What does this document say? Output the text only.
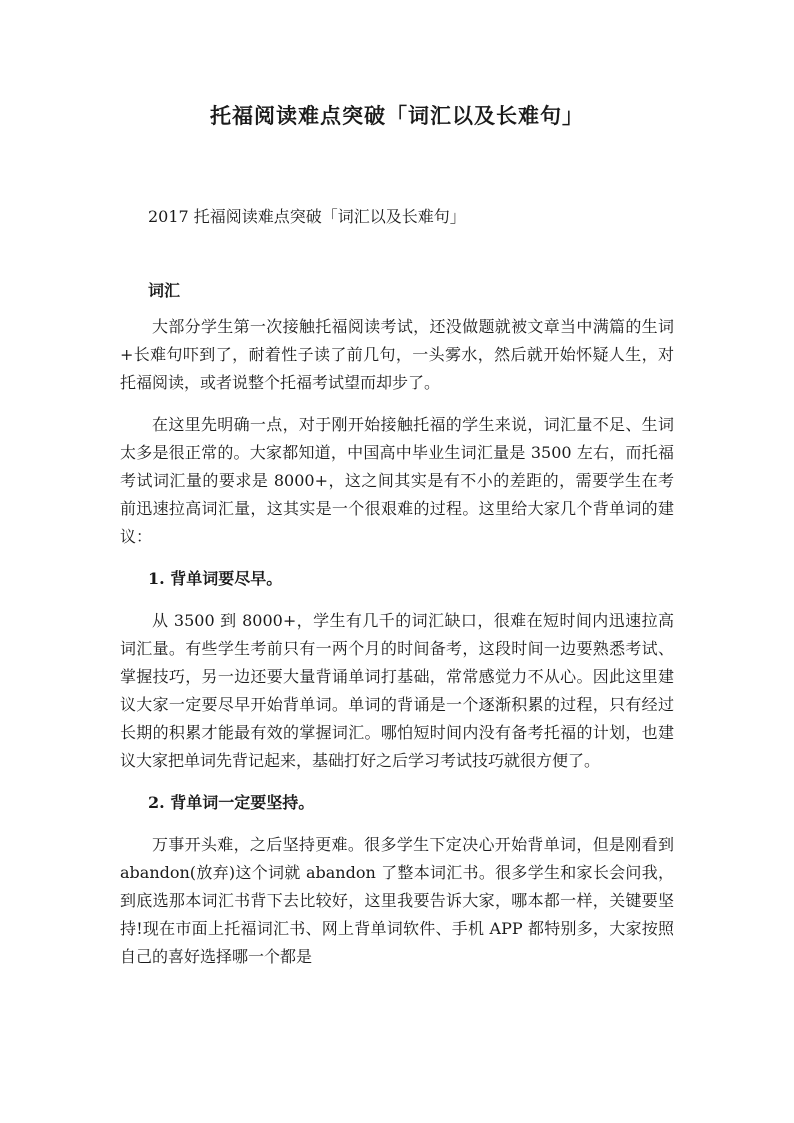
托福阅读难点突破「词汇以及长难句」
2017 托福阅读难点突破「词汇以及长难句」
词汇

大部分学生第一次接触托福阅读考试，还没做题就被文章当中满篇的生词+长难句吓到了，耐着性子读了前几句，一头雾水，然后就开始怀疑人生，对托福阅读，或者说整个托福考试望而却步了。

在这里先明确一点，对于刚开始接触托福的学生来说，词汇量不足、生词太多是很正常的。大家都知道，中国高中毕业生词汇量是 3500 左右，而托福考试词汇量的要求是 8000+，这之间其实是有不小的差距的，需要学生在考前迅速拉高词汇量，这其实是一个很艰难的过程。这里给大家几个背单词的建议：

1. 背单词要尽早。

从 3500 到 8000+，学生有几千的词汇缺口，很难在短时间内迅速拉高词汇量。有些学生考前只有一两个月的时间备考，这段时间一边要熟悉考试、掌握技巧，另一边还要大量背诵单词打基础，常常感觉力不从心。因此这里建议大家一定要尽早开始背单词。单词的背诵是一个逐渐积累的过程，只有经过长期的积累才能最有效的掌握词汇。哪怕短时间内没有备考托福的计划，也建议大家把单词先背记起来，基础打好之后学习考试技巧就很方便了。

2. 背单词一定要坚持。

万事开头难，之后坚持更难。很多学生下定决心开始背单词，但是刚看到 abandon(放弃)这个词就 abandon 了整本词汇书。很多学生和家长会问我，到底选那本词汇书背下去比较好，这里我要告诉大家，哪本都一样，关键要坚持!现在市面上托福词汇书、网上背单词软件、手机 APP 都特别多，大家按照自己的喜好选择哪一个都是
